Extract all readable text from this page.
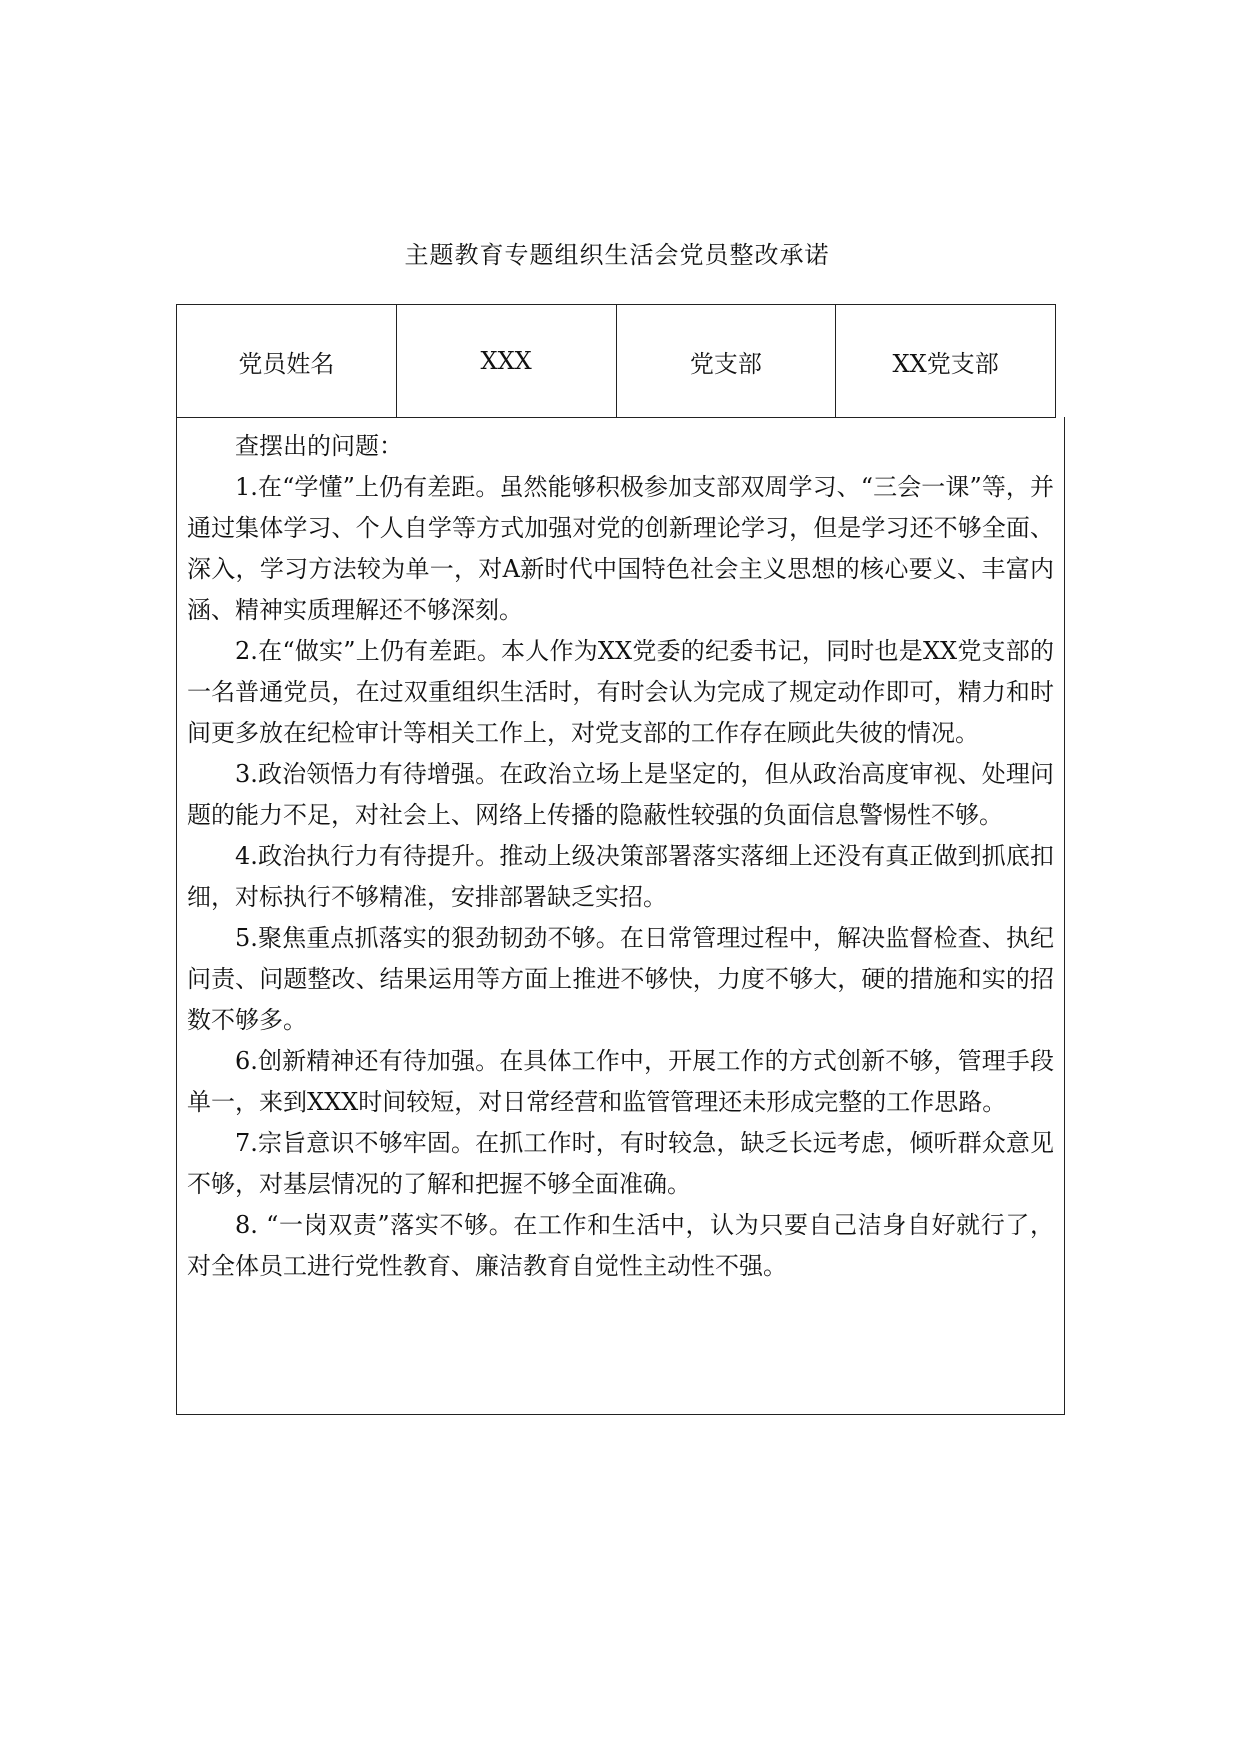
主题教育专题组织生活会党员整改承诺
党员姓名	XXX	党支部	XX党支部

查摆出的问题：

1.在“学懂”上仍有差距。虽然能够积极参加支部双周学习、“三会一课”等，并通过集体学习、个人自学等方式加强对党的创新理论学习，但是学习还不够全面、深入，学习方法较为单一，对A新时代中国特色社会主义思想的核心要义、丰富内涵、精神实质理解还不够深刻。

2.在“做实”上仍有差距。本人作为XX党委的纪委书记，同时也是XX党支部的一名普通党员，在过双重组织生活时，有时会认为完成了规定动作即可，精力和时间更多放在纪检审计等相关工作上，对党支部的工作存在顾此失彼的情况。

3.政治领悟力有待增强。在政治立场上是坚定的，但从政治高度审视、处理问题的能力不足，对社会上、网络上传播的隐蔽性较强的负面信息警惕性不够。

4.政治执行力有待提升。推动上级决策部署落实落细上还没有真正做到抓底扣细，对标执行不够精准，安排部署缺乏实招。

5.聚焦重点抓落实的狠劲韧劲不够。在日常管理过程中，解决监督检查、执纪问责、问题整改、结果运用等方面上推进不够快，力度不够大，硬的措施和实的招数不够多。

6.创新精神还有待加强。在具体工作中，开展工作的方式创新不够，管理手段单一，来到XXX时间较短，对日常经营和监管管理还未形成完整的工作思路。

7.宗旨意识不够牢固。在抓工作时，有时较急，缺乏长远考虑，倾听群众意见不够，对基层情况的了解和把握不够全面准确。

8. “一岗双责”落实不够。在工作和生活中，认为只要自己洁身自好就行了，对全体员工进行党性教育、廉洁教育自觉性主动性不强。
